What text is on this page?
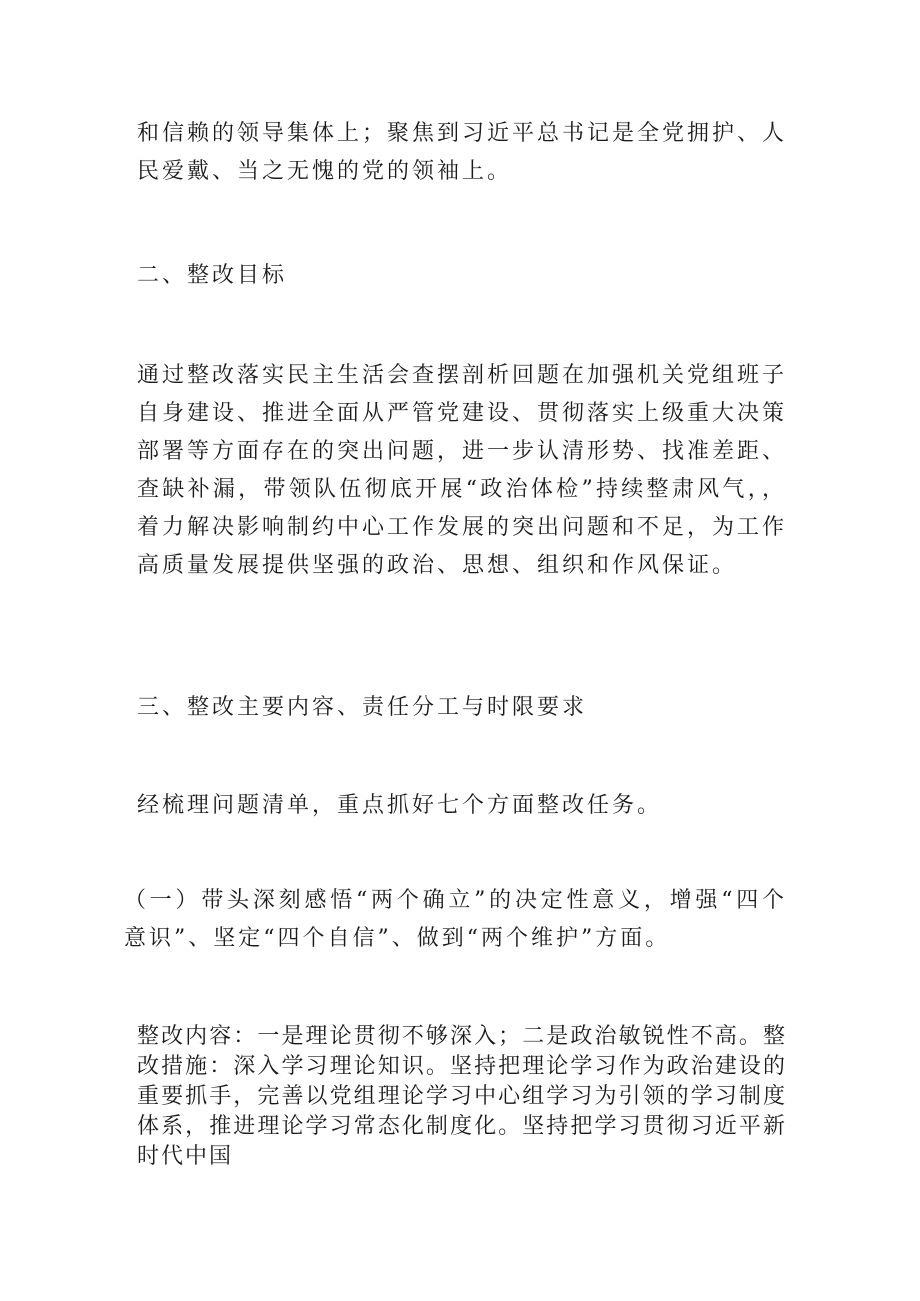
和信赖的领导集体上；聚焦到习近平总书记是全党拥护、人民爱戴、当之无愧的党的领袖上。

二、整改目标

通过整改落实民主生活会查摆剖析回题在加强机关党组班子自身建设、推进全面从严管党建设、贯彻落实上级重大决策部署等方面存在的突出问题，进一步认清形势、找准差距、查缺补漏，带领队伍彻底开展“政治体检”持续整肃风气，，着力解决影响制约中心工作发展的突出问题和不足，为工作高质量发展提供坚强的政治、思想、组织和作风保证。

三、整改主要内容、责任分工与时限要求

经梳理问题清单，重点抓好七个方面整改任务。

（一）带头深刻感悟“两个确立”的决定性意义，增强“四个意识”、坚定“四个自信”、做到“两个维护”方面。

整改内容：一是理论贯彻不够深入；二是政治敏锐性不高。整改措施：深入学习理论知识。坚持把理论学习作为政治建设的重要抓手，完善以党组理论学习中心组学习为引领的学习制度体系，推进理论学习常态化制度化。坚持把学习贯彻习近平新时代中国
